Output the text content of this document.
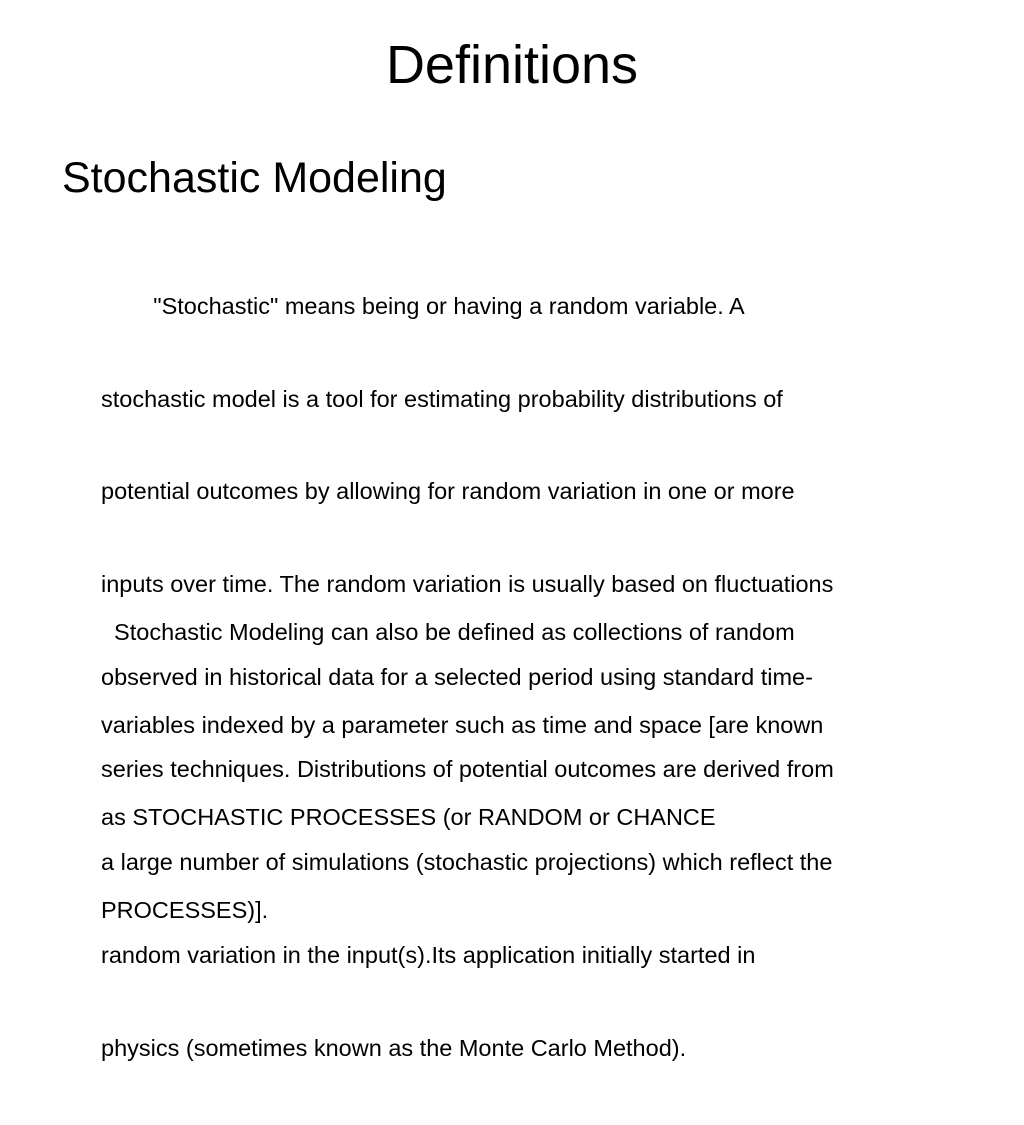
Definitions
Stochastic Modeling

"Stochastic" means being or having a random variable. A

stochastic model is a tool for estimating probability distributions of

potential outcomes by allowing for random variation in one or more

inputs over time. The random variation is usually based on fluctuations

observed in historical data for a selected period using standard time-

series techniques. Distributions of potential outcomes are derived from

a large number of simulations (stochastic projections) which reflect the

random variation in the input(s).Its application initially started in

physics (sometimes known as the Monte Carlo Method).

Stochastic Modeling can also be defined as collections of random

variables indexed by a parameter such as time and space [are known

as STOCHASTIC PROCESSES (or RANDOM or CHANCE

PROCESSES)].
